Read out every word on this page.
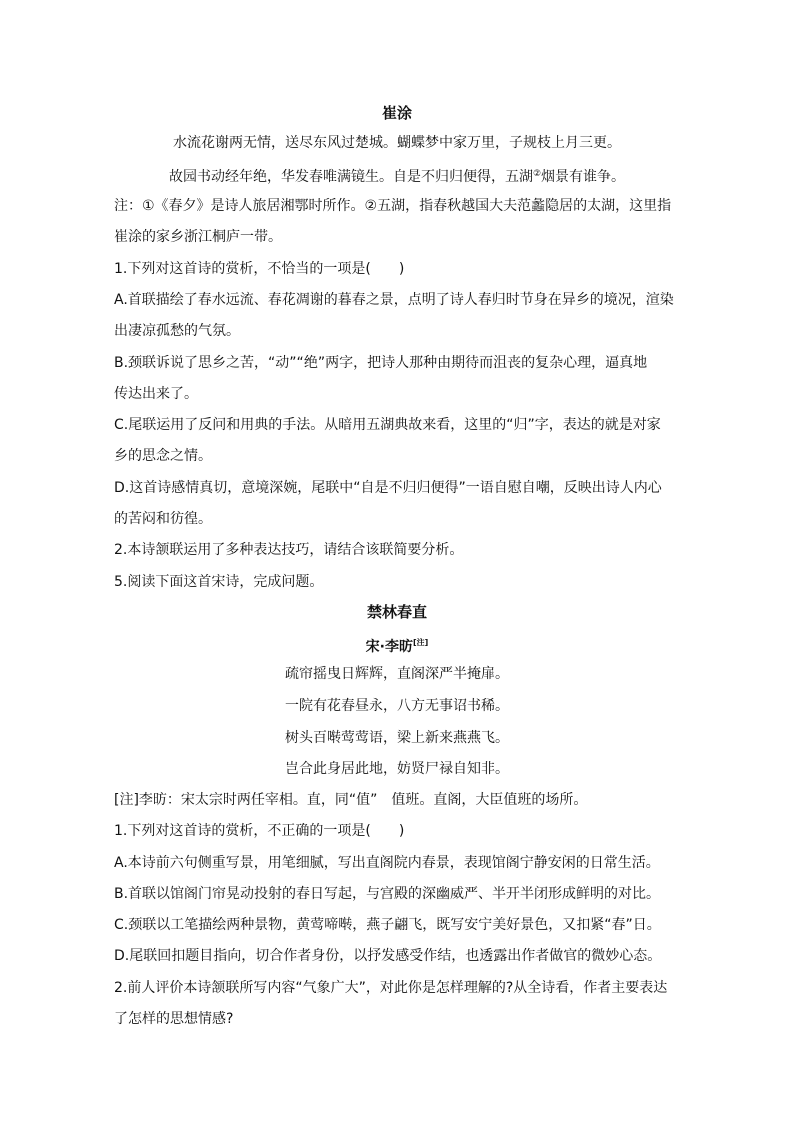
崔涂
水流花谢两无情，送尽东风过楚城。蝴蝶梦中家万里，子规枝上月三更。
故园书动经年绝，华发春唯满镜生。自是不归归便得，五湖②烟景有谁争。
注：①《春夕》是诗人旅居湘鄂时所作。②五湖，指春秋越国大夫范蠡隐居的太湖，这里指
崔涂的家乡浙江桐庐一带。
1.下列对这首诗的赏析，不恰当的一项是(　　)
A.首联描绘了春水远流、春花凋谢的暮春之景，点明了诗人春归时节身在异乡的境况，渲染
出凄凉孤愁的气氛。
B.颈联诉说了思乡之苦，“动”“绝”两字，把诗人那种由期待而沮丧的复杂心理，逼真地
传达出来了。
C.尾联运用了反问和用典的手法。从暗用五湖典故来看，这里的“归”字，表达的就是对家
乡的思念之情。
D.这首诗感情真切，意境深婉，尾联中“自是不归归便得”一语自慰自嘲，反映出诗人内心
的苦闷和彷徨。
2.本诗颔联运用了多种表达技巧，请结合该联简要分析。
5.阅读下面这首宋诗，完成问题。
禁林春直
宋·李昉[注]
疏帘摇曳日辉辉，直阁深严半掩扉。
一院有花春昼永，八方无事诏书稀。
树头百啭莺莺语，梁上新来燕燕飞。
岂合此身居此地，妨贤尸禄自知非。
[注]李昉：宋太宗时两任宰相。直，同“值”　值班。直阁，大臣值班的场所。
1.下列对这首诗的赏析，不正确的一项是(　　)
A.本诗前六句侧重写景，用笔细腻，写出直阁院内春景，表现馆阁宁静安闲的日常生活。
B.首联以馆阁门帘晃动投射的春日写起，与宫殿的深幽威严、半开半闭形成鲜明的对比。
C.颈联以工笔描绘两种景物，黄莺啼啭，燕子翩飞，既写安宁美好景色，又扣紧“春”日。
D.尾联回扣题目指向，切合作者身份，以抒发感受作结，也透露出作者做官的微妙心态。
2.前人评价本诗颔联所写内容“气象广大”，对此你是怎样理解的?从全诗看，作者主要表达
了怎样的思想情感?
